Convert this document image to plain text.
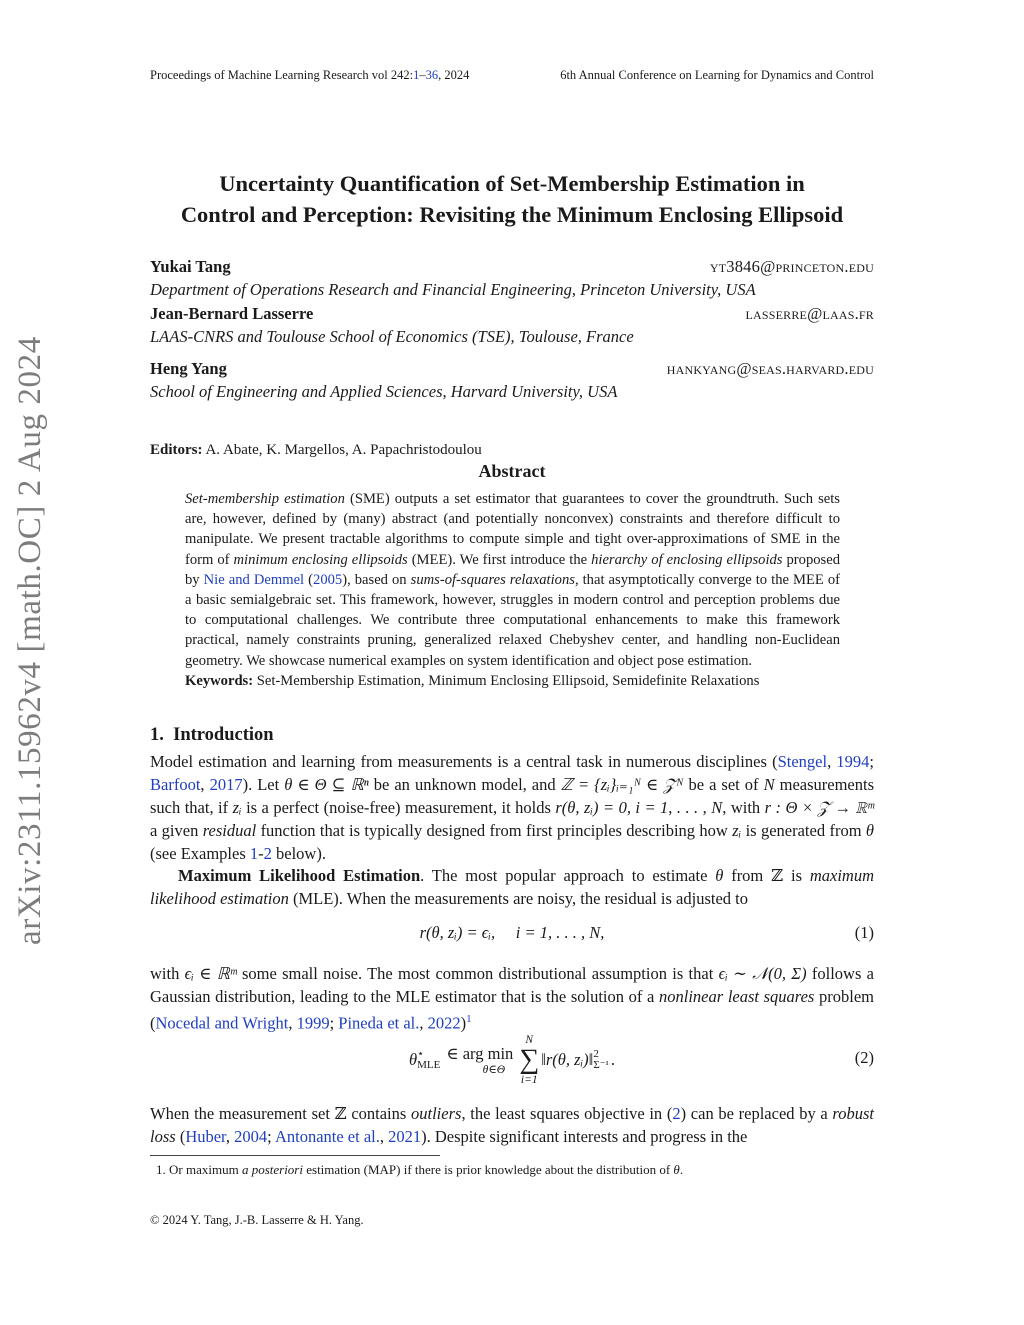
Proceedings of Machine Learning Research vol 242:1–36, 2024	6th Annual Conference on Learning for Dynamics and Control
arXiv:2311.15962v4 [math.OC] 2 Aug 2024
Uncertainty Quantification of Set-Membership Estimation in
Control and Perception: Revisiting the Minimum Enclosing Ellipsoid
Yukai Tang	yt3846@princeton.edu
Department of Operations Research and Financial Engineering, Princeton University, USA
Jean-Bernard Lasserre	lasserre@laas.fr
LAAS-CNRS and Toulouse School of Economics (TSE), Toulouse, France
Heng Yang	hankyang@seas.harvard.edu
School of Engineering and Applied Sciences, Harvard University, USA
Editors: A. Abate, K. Margellos, A. Papachristodoulou
Abstract
Set-membership estimation (SME) outputs a set estimator that guarantees to cover the groundtruth. Such sets are, however, defined by (many) abstract (and potentially nonconvex) constraints and therefore difficult to manipulate. We present tractable algorithms to compute simple and tight over-approximations of SME in the form of minimum enclosing ellipsoids (MEE). We first introduce the hierarchy of enclosing ellipsoids proposed by Nie and Demmel (2005), based on sums-of-squares relaxations, that asymptotically converge to the MEE of a basic semialgebraic set. This framework, however, struggles in modern control and perception problems due to computational challenges. We contribute three computational enhancements to make this framework practical, namely constraints pruning, generalized relaxed Chebyshev center, and handling non-Euclidean geometry. We showcase numerical examples on system identification and object pose estimation.
Keywords: Set-Membership Estimation, Minimum Enclosing Ellipsoid, Semidefinite Relaxations
1. Introduction
Model estimation and learning from measurements is a central task in numerous disciplines (Stengel, 1994; Barfoot, 2017). Let θ ∈ Θ ⊆ ℝⁿ be an unknown model, and ℤ = {zᵢ}ᵢ₌₁ᴺ ∈ 𝒵ᴺ be a set of N measurements such that, if zᵢ is a perfect (noise-free) measurement, it holds r(θ, zᵢ) = 0, i = 1, . . . , N, with r : Θ × 𝒵 → ℝᵐ a given residual function that is typically designed from first principles describing how zᵢ is generated from θ (see Examples 1-2 below).
Maximum Likelihood Estimation. The most popular approach to estimate θ from ℤ is maximum likelihood estimation (MLE). When the measurements are noisy, the residual is adjusted to
r(θ, zᵢ) = ϵᵢ,     i = 1, . . . , N,	(1)
with ϵᵢ ∈ ℝᵐ some small noise. The most common distributional assumption is that ϵᵢ ∼ 𝒩(0, Σ) follows a Gaussian distribution, leading to the MLE estimator that is the solution of a nonlinear least squares problem (Nocedal and Wright, 1999; Pineda et al., 2022)$^1$
θ ⋆
MLE
∈ arg min
θ∈Θ
N
∑
i=1
‖r(θ, zᵢ)‖ 2
Σ⁻¹ .	(2)
When the measurement set ℤ contains outliers, the least squares objective in (2) can be replaced by a robust loss (Huber, 2004; Antonante et al., 2021). Despite significant interests and progress in the
1. Or maximum a posteriori estimation (MAP) if there is prior knowledge about the distribution of θ.
© 2024 Y. Tang, J.-B. Lasserre & H. Yang.
